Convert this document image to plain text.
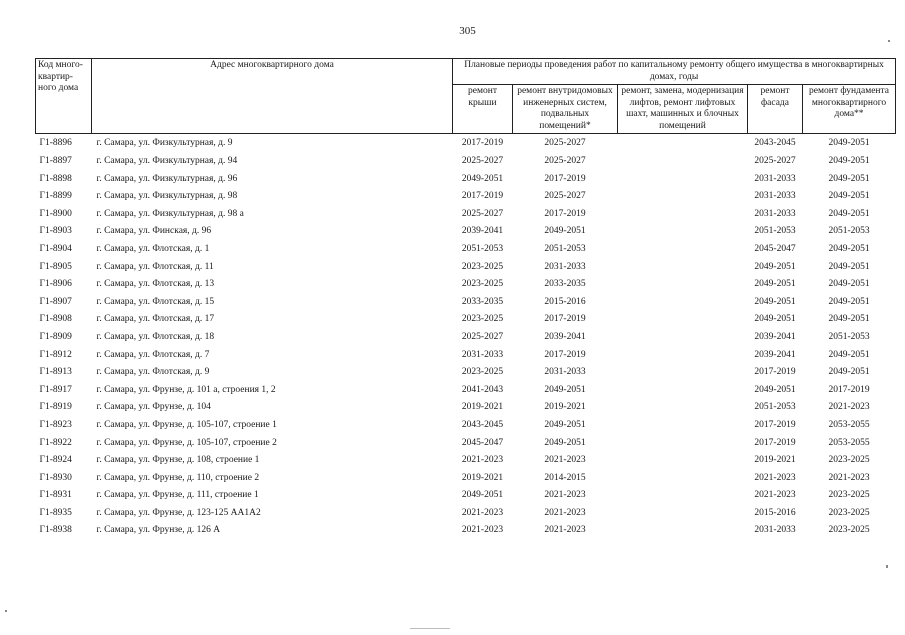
305
Код много-квартир-ного дома	Адрес многоквартирного дома	Плановые периоды проведения работ по капитальному ремонту общего имущества в многоквартирных домах, годы				
		ремонт крыши	ремонт внутридомовых инженерных систем, подвальных помещений*	ремонт, замена, модернизация лифтов, ремонт лифтовых шахт, машинных и блочных помещений	ремонт фасада	ремонт фундамента многоквартирного дома**
Г1-8896	г. Самара, ул. Физкультурная, д. 9	2017-2019	2025-2027		2043-2045	2049-2051
Г1-8897	г. Самара, ул. Физкультурная, д. 94	2025-2027	2025-2027		2025-2027	2049-2051
Г1-8898	г. Самара, ул. Физкультурная, д. 96	2049-2051	2017-2019		2031-2033	2049-2051
Г1-8899	г. Самара, ул. Физкультурная, д. 98	2017-2019	2025-2027		2031-2033	2049-2051
Г1-8900	г. Самара, ул. Физкультурная, д. 98 а	2025-2027	2017-2019		2031-2033	2049-2051
Г1-8903	г. Самара, ул. Финская, д. 96	2039-2041	2049-2051		2051-2053	2051-2053
Г1-8904	г. Самара, ул. Флотская, д. 1	2051-2053	2051-2053		2045-2047	2049-2051
Г1-8905	г. Самара, ул. Флотская, д. 11	2023-2025	2031-2033		2049-2051	2049-2051
Г1-8906	г. Самара, ул. Флотская, д. 13	2023-2025	2033-2035		2049-2051	2049-2051
Г1-8907	г. Самара, ул. Флотская, д. 15	2033-2035	2015-2016		2049-2051	2049-2051
Г1-8908	г. Самара, ул. Флотская, д. 17	2023-2025	2017-2019		2049-2051	2049-2051
Г1-8909	г. Самара, ул. Флотская, д. 18	2025-2027	2039-2041		2039-2041	2051-2053
Г1-8912	г. Самара, ул. Флотская, д. 7	2031-2033	2017-2019		2039-2041	2049-2051
Г1-8913	г. Самара, ул. Флотская, д. 9	2023-2025	2031-2033		2017-2019	2049-2051
Г1-8917	г. Самара, ул. Фрунзе, д. 101 а, строения 1, 2	2041-2043	2049-2051		2049-2051	2017-2019
Г1-8919	г. Самара, ул. Фрунзе, д. 104	2019-2021	2019-2021		2051-2053	2021-2023
Г1-8923	г. Самара, ул. Фрунзе, д. 105-107, строение 1	2043-2045	2049-2051		2017-2019	2053-2055
Г1-8922	г. Самара, ул. Фрунзе, д. 105-107, строение 2	2045-2047	2049-2051		2017-2019	2053-2055
Г1-8924	г. Самара, ул. Фрунзе, д. 108, строение 1	2021-2023	2021-2023		2019-2021	2023-2025
Г1-8930	г. Самара, ул. Фрунзе, д. 110, строение 2	2019-2021	2014-2015		2021-2023	2021-2023
Г1-8931	г. Самара, ул. Фрунзе, д. 111, строение 1	2049-2051	2021-2023		2021-2023	2023-2025
Г1-8935	г. Самара, ул. Фрунзе, д. 123-125 АА1А2	2021-2023	2021-2023		2015-2016	2023-2025
Г1-8938	г. Самара, ул. Фрунзе, д. 126 А	2021-2023	2021-2023		2031-2033	2023-2025
